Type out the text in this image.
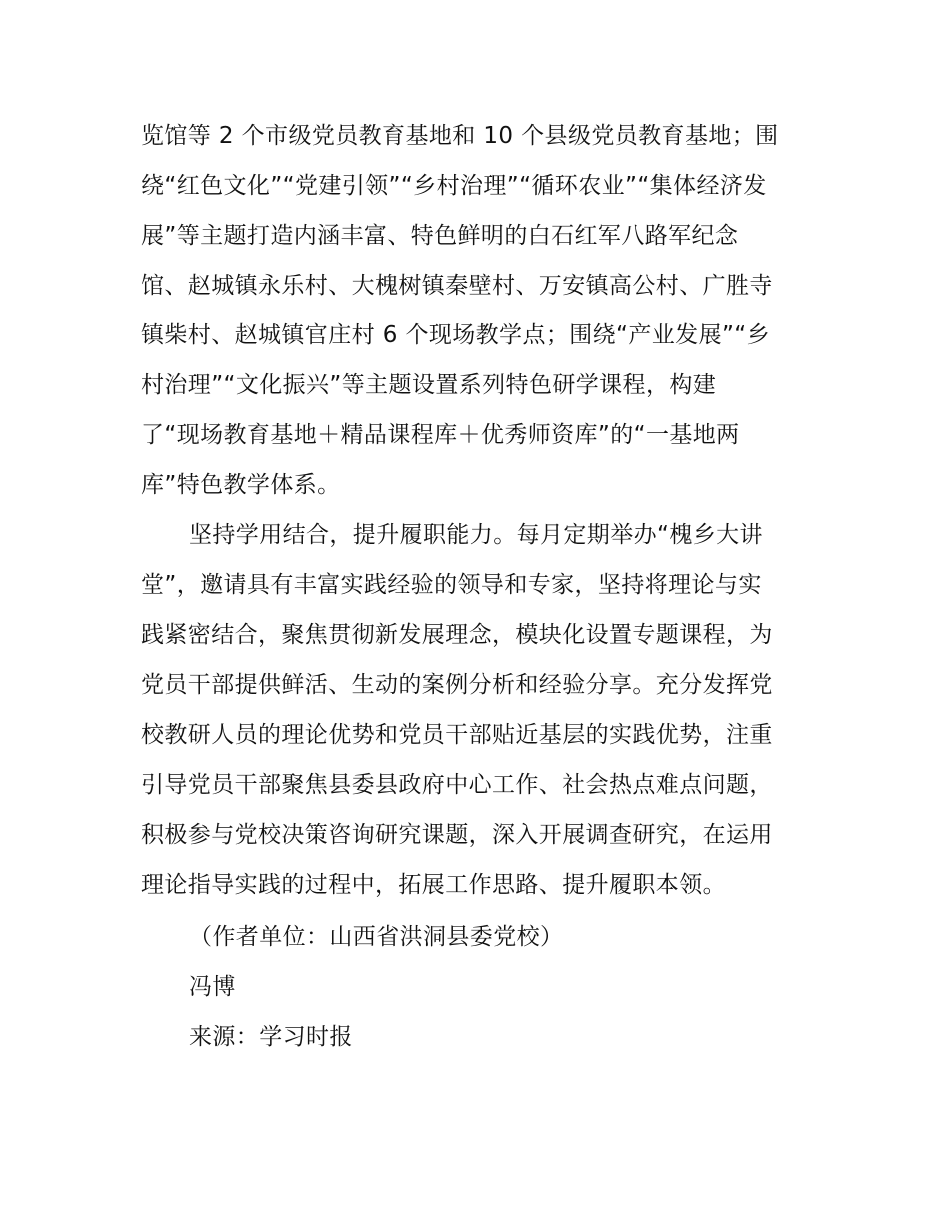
览馆等 2 个市级党员教育基地和 10 个县级党员教育基地；围
绕“红色文化”“党建引领”“乡村治理”“循环农业”“集体经济发
展”等主题打造内涵丰富、特色鲜明的白石红军八路军纪念
馆、赵城镇永乐村、大槐树镇秦壁村、万安镇高公村、广胜寺
镇柴村、赵城镇官庄村 6 个现场教学点；围绕“产业发展”“乡
村治理”“文化振兴”等主题设置系列特色研学课程，构建
了“现场教育基地＋精品课程库＋优秀师资库”的“一基地两
库”特色教学体系。
坚持学用结合，提升履职能力。每月定期举办“槐乡大讲
堂”，邀请具有丰富实践经验的领导和专家，坚持将理论与实
践紧密结合，聚焦贯彻新发展理念，模块化设置专题课程，为
党员干部提供鲜活、生动的案例分析和经验分享。充分发挥党
校教研人员的理论优势和党员干部贴近基层的实践优势，注重
引导党员干部聚焦县委县政府中心工作、社会热点难点问题，
积极参与党校决策咨询研究课题，深入开展调查研究，在运用
理论指导实践的过程中，拓展工作思路、提升履职本领。
（作者单位：山西省洪洞县委党校）
冯博
来源：学习时报
